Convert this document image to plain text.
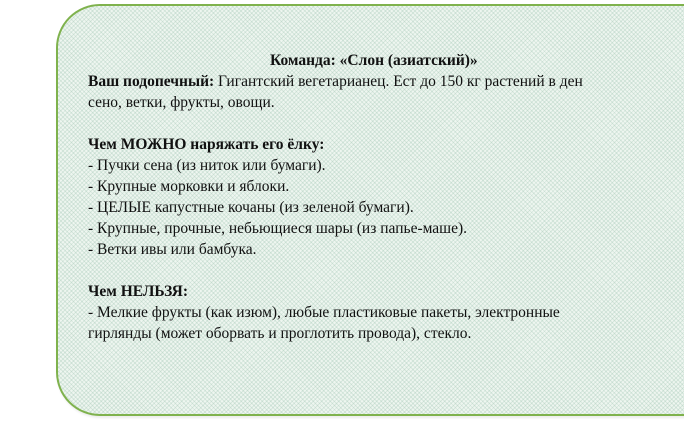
Команда: «Слон (азиатский)»

Ваш подопечный: Гигантский вегетарианец. Ест до 150 кг растений в ден

сено, ветки, фрукты, овощи.

Чем МОЖНО наряжать его ёлку:

- Пучки сена (из ниток или бумаги).

- Крупные морковки и яблоки.

- ЦЕЛЫЕ капустные кочаны (из зеленой бумаги).

- Крупные, прочные, небьющиеся шары (из папье-маше).

- Ветки ивы или бамбука.

Чем НЕЛЬЗЯ:

- Мелкие фрукты (как изюм), любые пластиковые пакеты, электронные

гирлянды (может оборвать и проглотить провода), стекло.
